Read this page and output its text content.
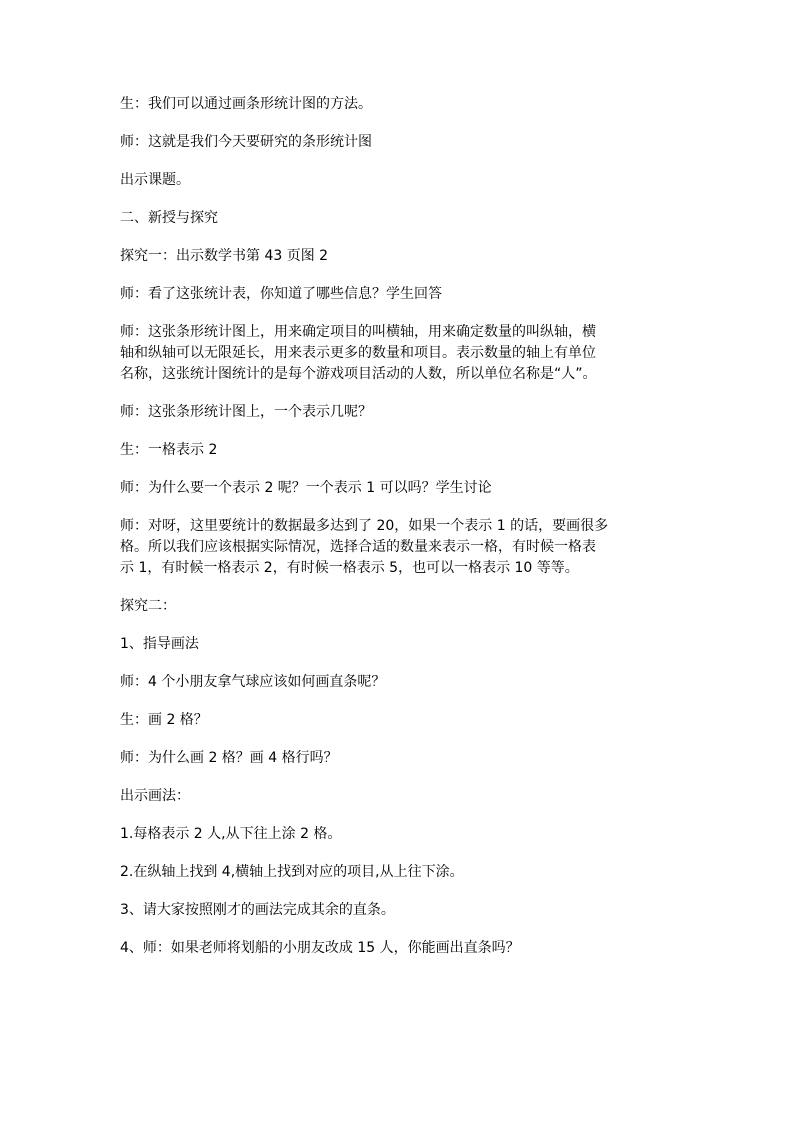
生：我们可以通过画条形统计图的方法。

师：这就是我们今天要研究的条形统计图

出示课题。

二、新授与探究

探究一：出示数学书第 43 页图 2

师：看了这张统计表，你知道了哪些信息？学生回答

师：这张条形统计图上，用来确定项目的叫横轴，用来确定数量的叫纵轴，横
轴和纵轴可以无限延长，用来表示更多的数量和项目。表示数量的轴上有单位
名称，这张统计图统计的是每个游戏项目活动的人数，所以单位名称是“人”。

师：这张条形统计图上，一个表示几呢？

生：一格表示 2

师：为什么要一个表示 2 呢？一个表示 1 可以吗？学生讨论

师：对呀，这里要统计的数据最多达到了 20，如果一个表示 1 的话，要画很多
格。所以我们应该根据实际情况，选择合适的数量来表示一格，有时候一格表
示 1，有时候一格表示 2，有时候一格表示 5，也可以一格表示 10 等等。

探究二：

1、指导画法

师：4 个小朋友拿气球应该如何画直条呢？

生：画 2 格？

师：为什么画 2 格？画 4 格行吗？

出示画法：

1.每格表示 2 人,从下往上涂 2 格。

2.在纵轴上找到 4,横轴上找到对应的项目,从上往下涂。

3、请大家按照刚才的画法完成其余的直条。

4、师：如果老师将划船的小朋友改成 15 人，你能画出直条吗？
